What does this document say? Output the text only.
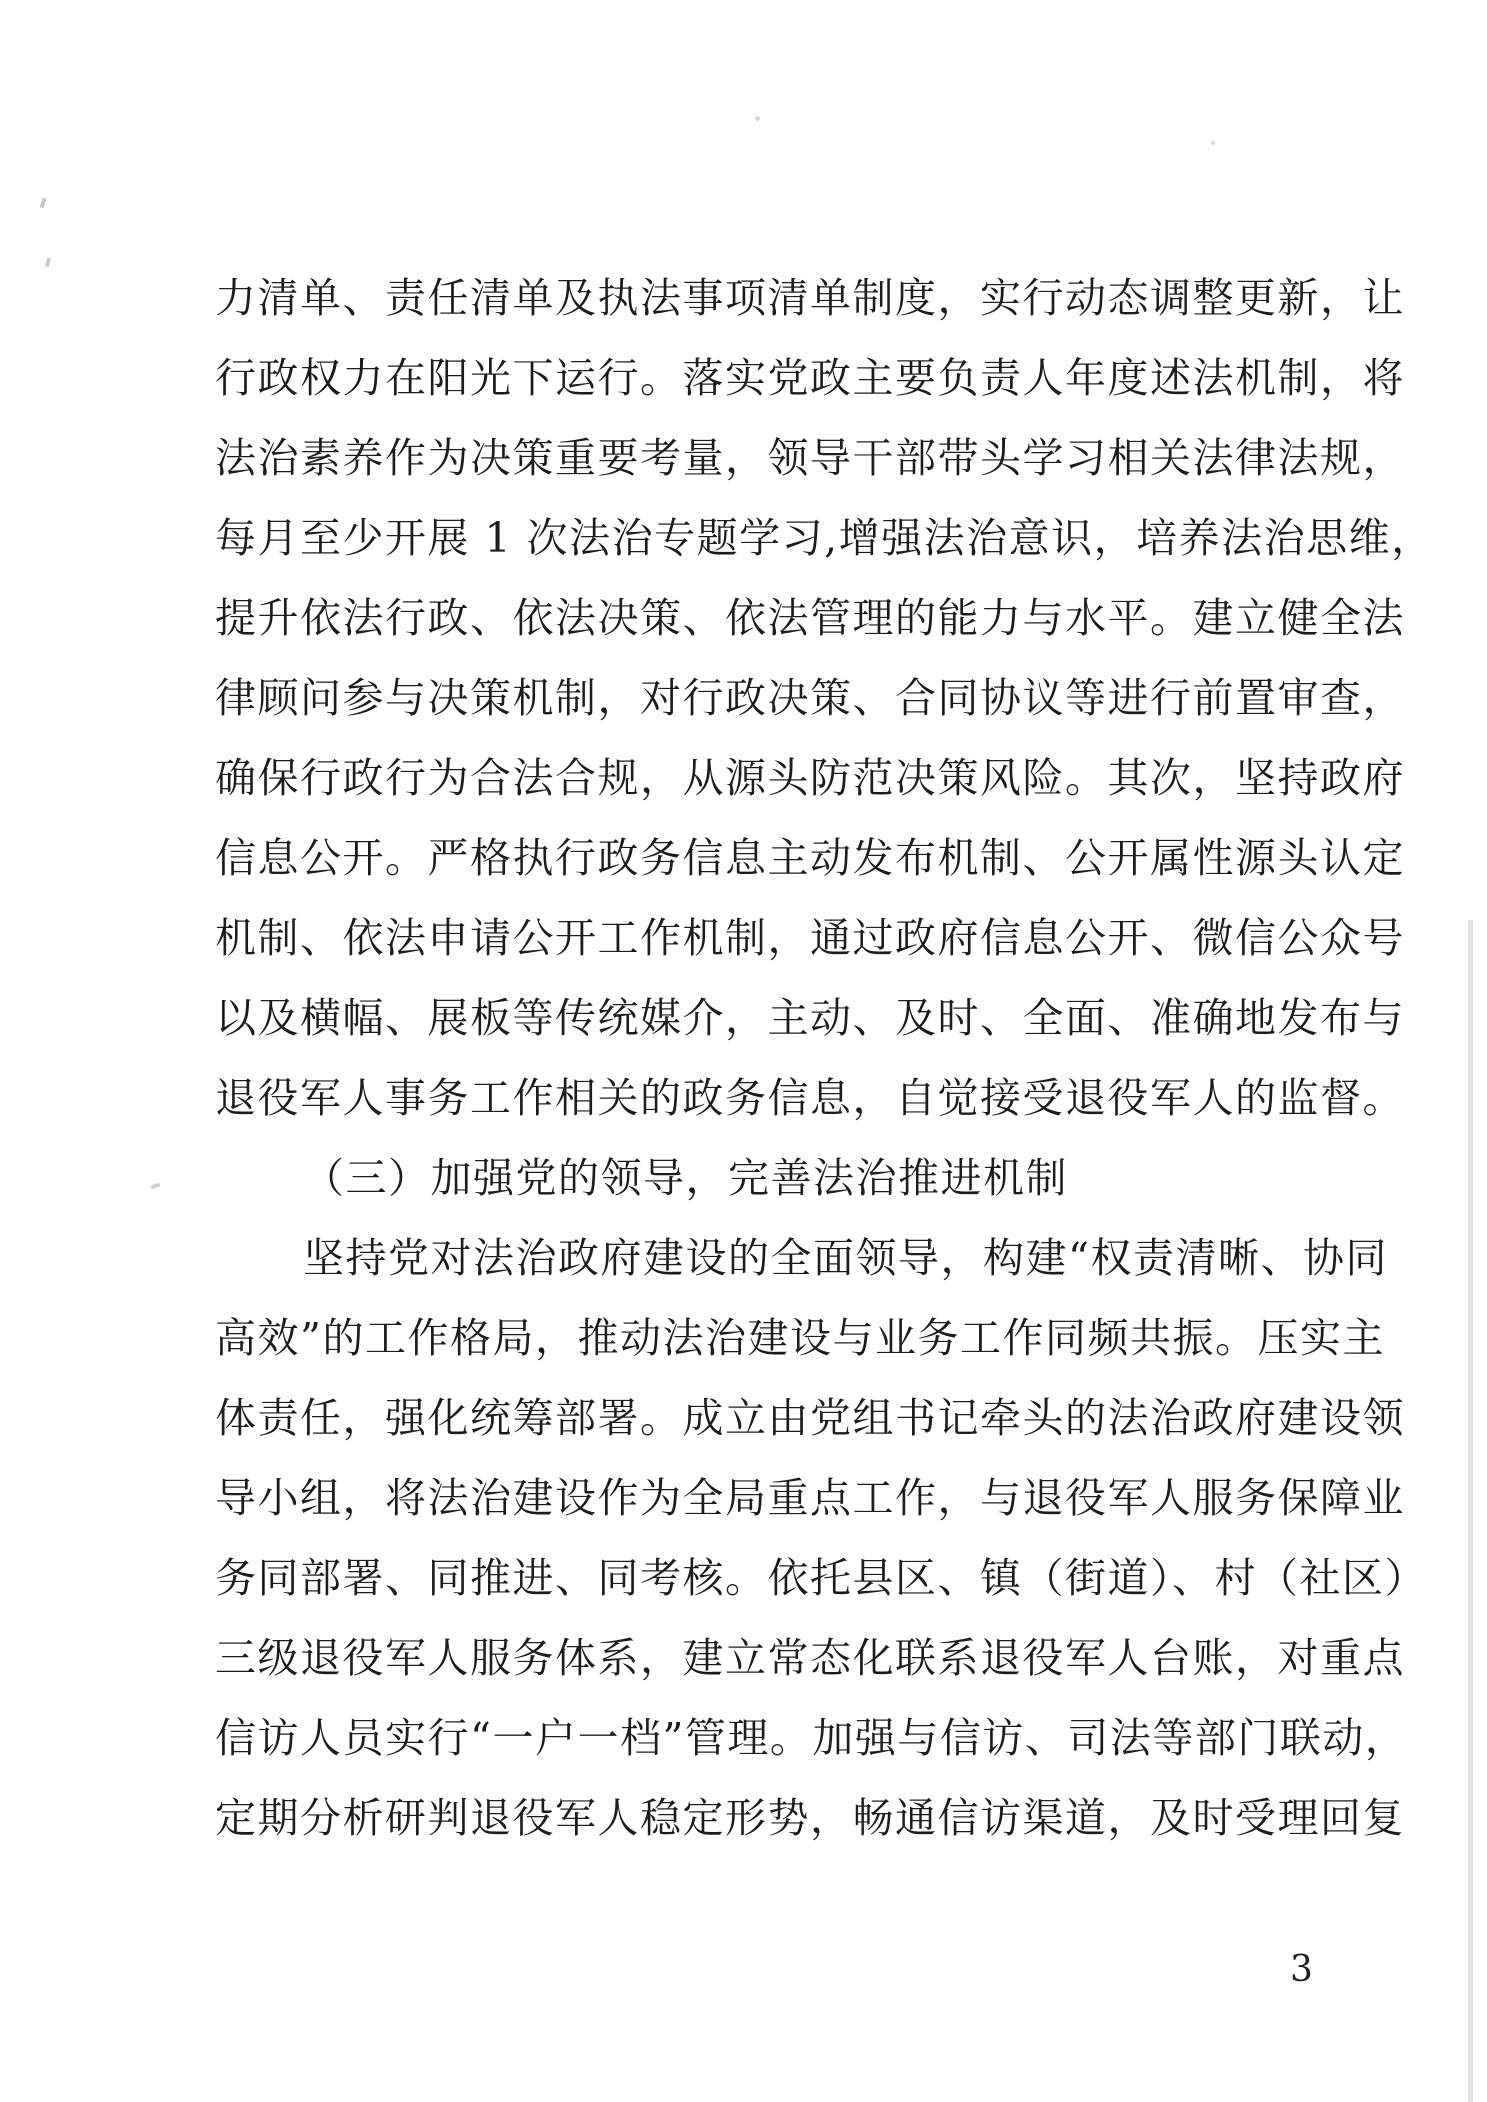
力清单、责任清单及执法事项清单制度，实行动态调整更新，让
行政权力在阳光下运行。落实党政主要负责人年度述法机制，将
法治素养作为决策重要考量，领导干部带头学习相关法律法规，
每月至少开展 1 次法治专题学习,增强法治意识，培养法治思维，
提升依法行政、依法决策、依法管理的能力与水平。建立健全法
律顾问参与决策机制，对行政决策、合同协议等进行前置审查，
确保行政行为合法合规，从源头防范决策风险。其次，坚持政府
信息公开。严格执行政务信息主动发布机制、公开属性源头认定
机制、依法申请公开工作机制，通过政府信息公开、微信公众号
以及横幅、展板等传统媒介，主动、及时、全面、准确地发布与
退役军人事务工作相关的政务信息，自觉接受退役军人的监督。
（三）加强党的领导，完善法治推进机制
坚持党对法治政府建设的全面领导，构建“权责清晰、协同
高效”的工作格局，推动法治建设与业务工作同频共振。压实主
体责任，强化统筹部署。成立由党组书记牵头的法治政府建设领
导小组，将法治建设作为全局重点工作，与退役军人服务保障业
务同部署、同推进、同考核。依托县区、镇（街道）、村（社区）
三级退役军人服务体系，建立常态化联系退役军人台账，对重点
信访人员实行“一户一档”管理。加强与信访、司法等部门联动，
定期分析研判退役军人稳定形势，畅通信访渠道，及时受理回复
3
